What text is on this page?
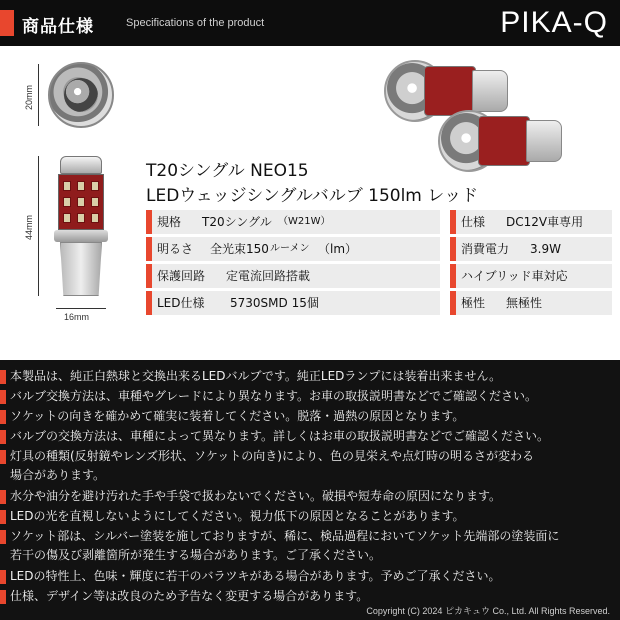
商品仕様	Specifications of the product	PIKA-Q
20mm
44mm
16mm
T20シングル NEO15
LEDウェッジシングルバルブ 150lm レッド
規格 T20シングル （W21W）
明るさ 全光束150 ルーメン （lm）
保護回路 定電流回路搭載
LED仕様 5730SMD 15個
仕様 DC12V車専用
消費電力 3.9W
ハイブリッド車対応
極性 無極性
本製品は、純正白熱球と交換出来るLEDバルブです。純正LEDランプには装着出来ません。
バルブ交換方法は、車種やグレードにより異なります。お車の取扱説明書などでご確認ください。
ソケットの向きを確かめて確実に装着してください。脱落・過熱の原因となります。
バルブの交換方法は、車種によって異なります。詳しくはお車の取扱説明書などでご確認ください。
灯具の種類(反射鏡やレンズ形状、ソケットの向き)により、色の見栄えや点灯時の明るさが変わる
場合があります。
水分や油分を避け汚れた手や手袋で扱わないでください。破損や短寿命の原因になります。
LEDの光を直視しないようにしてください。視力低下の原因となることがあります。
ソケット部は、シルバー塗装を施しておりますが、稀に、検品過程においてソケット先端部の塗装面に
若干の傷及び剥離箇所が発生する場合があります。ご了承ください。
LEDの特性上、色味・輝度に若干のバラツキがある場合があります。予めご了承ください。
仕様、デザイン等は改良のため予告なく変更する場合があります。
Copyright (C) 2024 ピカキュウ Co., Ltd. All Rights Reserved.
